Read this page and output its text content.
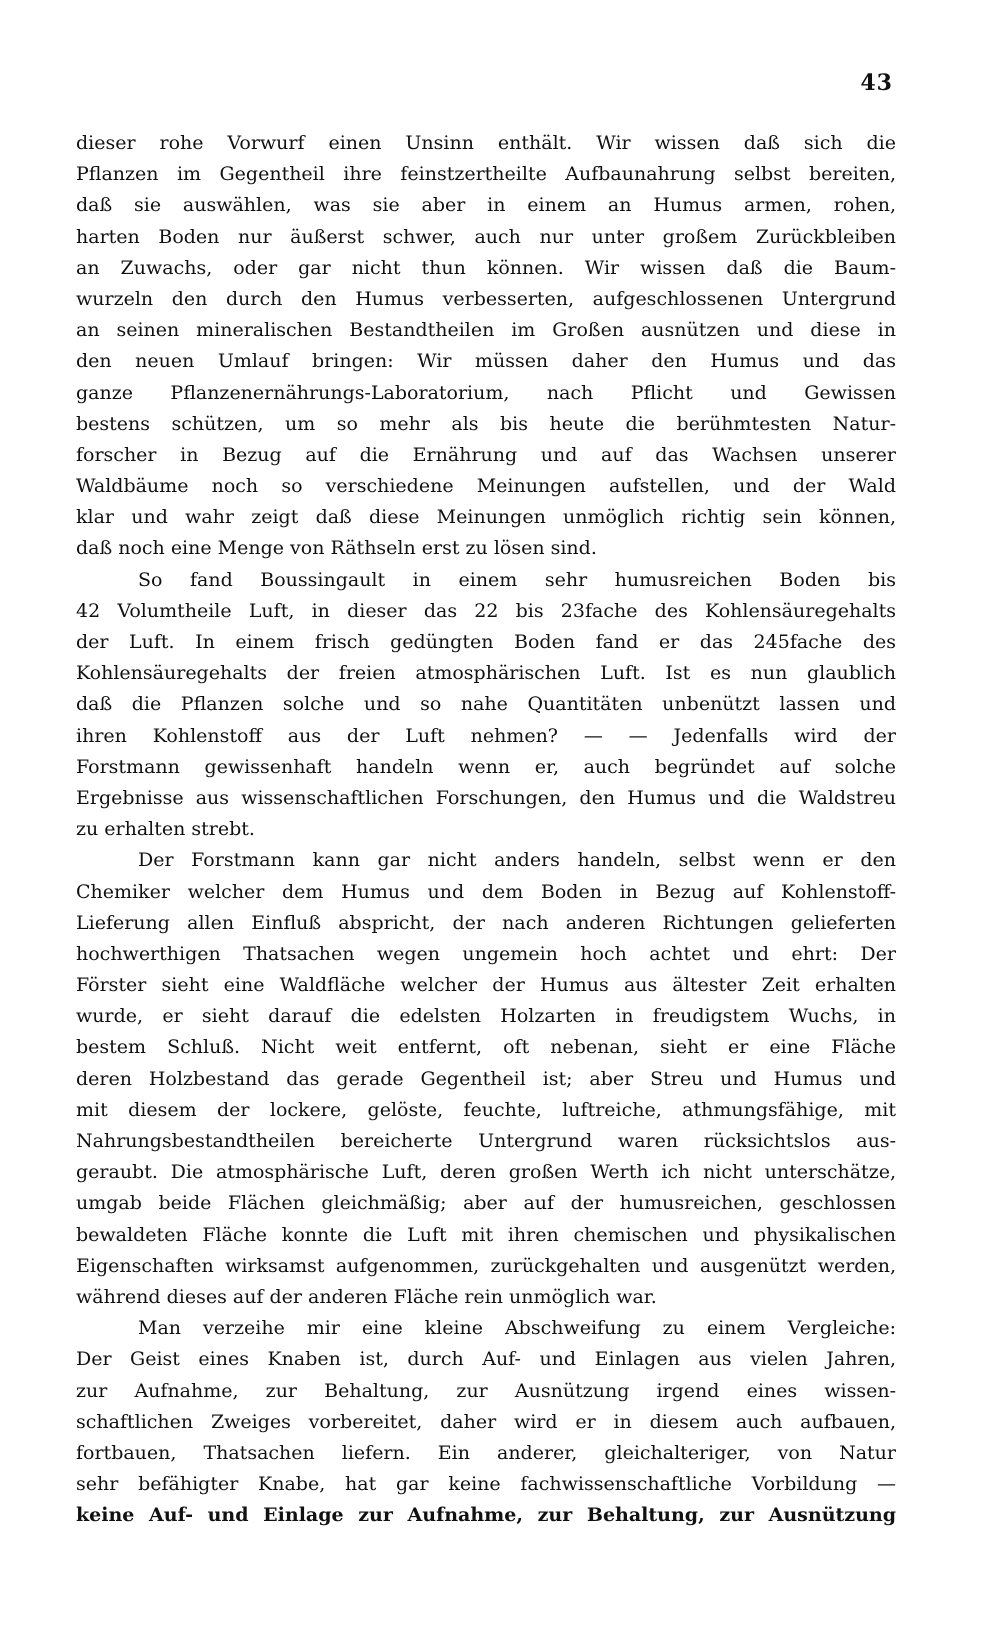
43
dieser rohe Vorwurf einen Unsinn enthält. Wir wissen daß sich die
Pflanzen im Gegentheil ihre feinstzertheilte Aufbaunahrung selbst bereiten,
daß sie auswählen, was sie aber in einem an Humus armen, rohen,
harten Boden nur äußerst schwer, auch nur unter großem Zurückbleiben
an Zuwachs, oder gar nicht thun können. Wir wissen daß die Baum-
wurzeln den durch den Humus verbesserten, aufgeschlossenen Untergrund
an seinen mineralischen Bestandtheilen im Großen ausnützen und diese in
den neuen Umlauf bringen: Wir müssen daher den Humus und das
ganze Pflanzenernährungs-Laboratorium, nach Pflicht und Gewissen
bestens schützen, um so mehr als bis heute die berühmtesten Natur-
forscher in Bezug auf die Ernährung und auf das Wachsen unserer
Waldbäume noch so verschiedene Meinungen aufstellen, und der Wald
klar und wahr zeigt daß diese Meinungen unmöglich richtig sein können,
daß noch eine Menge von Räthseln erst zu lösen sind.
So fand Boussingault in einem sehr humusreichen Boden bis
42 Volumtheile Luft, in dieser das 22 bis 23fache des Kohlensäuregehalts
der Luft. In einem frisch gedüngten Boden fand er das 245fache des
Kohlensäuregehalts der freien atmosphärischen Luft. Ist es nun glaublich
daß die Pflanzen solche und so nahe Quantitäten unbenützt lassen und
ihren Kohlenstoff aus der Luft nehmen? — — Jedenfalls wird der
Forstmann gewissenhaft handeln wenn er, auch begründet auf solche
Ergebnisse aus wissenschaftlichen Forschungen, den Humus und die Waldstreu
zu erhalten strebt.
Der Forstmann kann gar nicht anders handeln, selbst wenn er den
Chemiker welcher dem Humus und dem Boden in Bezug auf Kohlenstoff-
Lieferung allen Einfluß abspricht, der nach anderen Richtungen gelieferten
hochwerthigen Thatsachen wegen ungemein hoch achtet und ehrt: Der
Förster sieht eine Waldfläche welcher der Humus aus ältester Zeit erhalten
wurde, er sieht darauf die edelsten Holzarten in freudigstem Wuchs, in
bestem Schluß. Nicht weit entfernt, oft nebenan, sieht er eine Fläche
deren Holzbestand das gerade Gegentheil ist; aber Streu und Humus und
mit diesem der lockere, gelöste, feuchte, luftreiche, athmungsfähige, mit
Nahrungsbestandtheilen bereicherte Untergrund waren rücksichtslos aus-
geraubt. Die atmosphärische Luft, deren großen Werth ich nicht unterschätze,
umgab beide Flächen gleichmäßig; aber auf der humusreichen, geschlossen
bewaldeten Fläche konnte die Luft mit ihren chemischen und physikalischen
Eigenschaften wirksamst aufgenommen, zurückgehalten und ausgenützt werden,
während dieses auf der anderen Fläche rein unmöglich war.
Man verzeihe mir eine kleine Abschweifung zu einem Vergleiche:
Der Geist eines Knaben ist, durch Auf- und Einlagen aus vielen Jahren,
zur Aufnahme, zur Behaltung, zur Ausnützung irgend eines wissen-
schaftlichen Zweiges vorbereitet, daher wird er in diesem auch aufbauen,
fortbauen, Thatsachen liefern. Ein anderer, gleichalteriger, von Natur
sehr befähigter Knabe, hat gar keine fachwissenschaftliche Vorbildung —
keine Auf- und Einlage zur Aufnahme, zur Behaltung, zur Ausnützung
